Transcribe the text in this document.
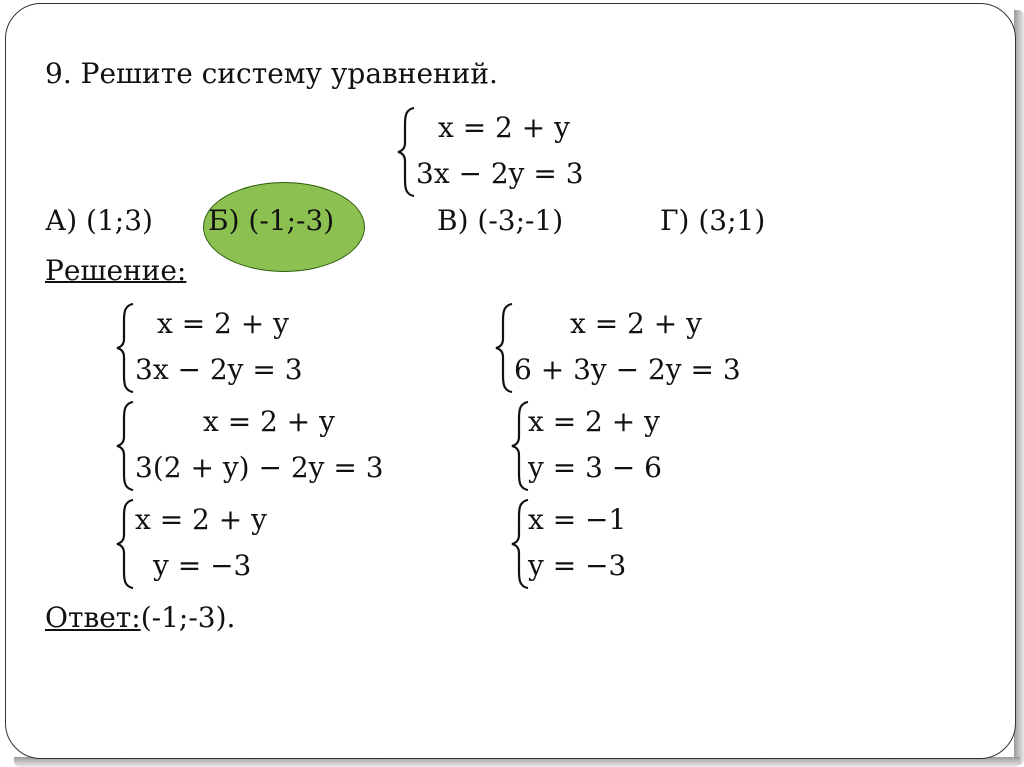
9. Решите систему уравнений.
x = 2 + y
3x − 2y = 3
А) (1;3) Б) (-1;-3)	В) (-3;-1)	Г) (3;1)
Решение:
x = 2 + y
3x − 2y = 3
x = 2 + y
6 + 3y − 2y = 3
x = 2 + y
3(2 + y) − 2y = 3
x = 2 + y
y = 3 − 6
x = 2 + y
y = −3
x = −1
y = −3
Ответ:(-1;-3).
